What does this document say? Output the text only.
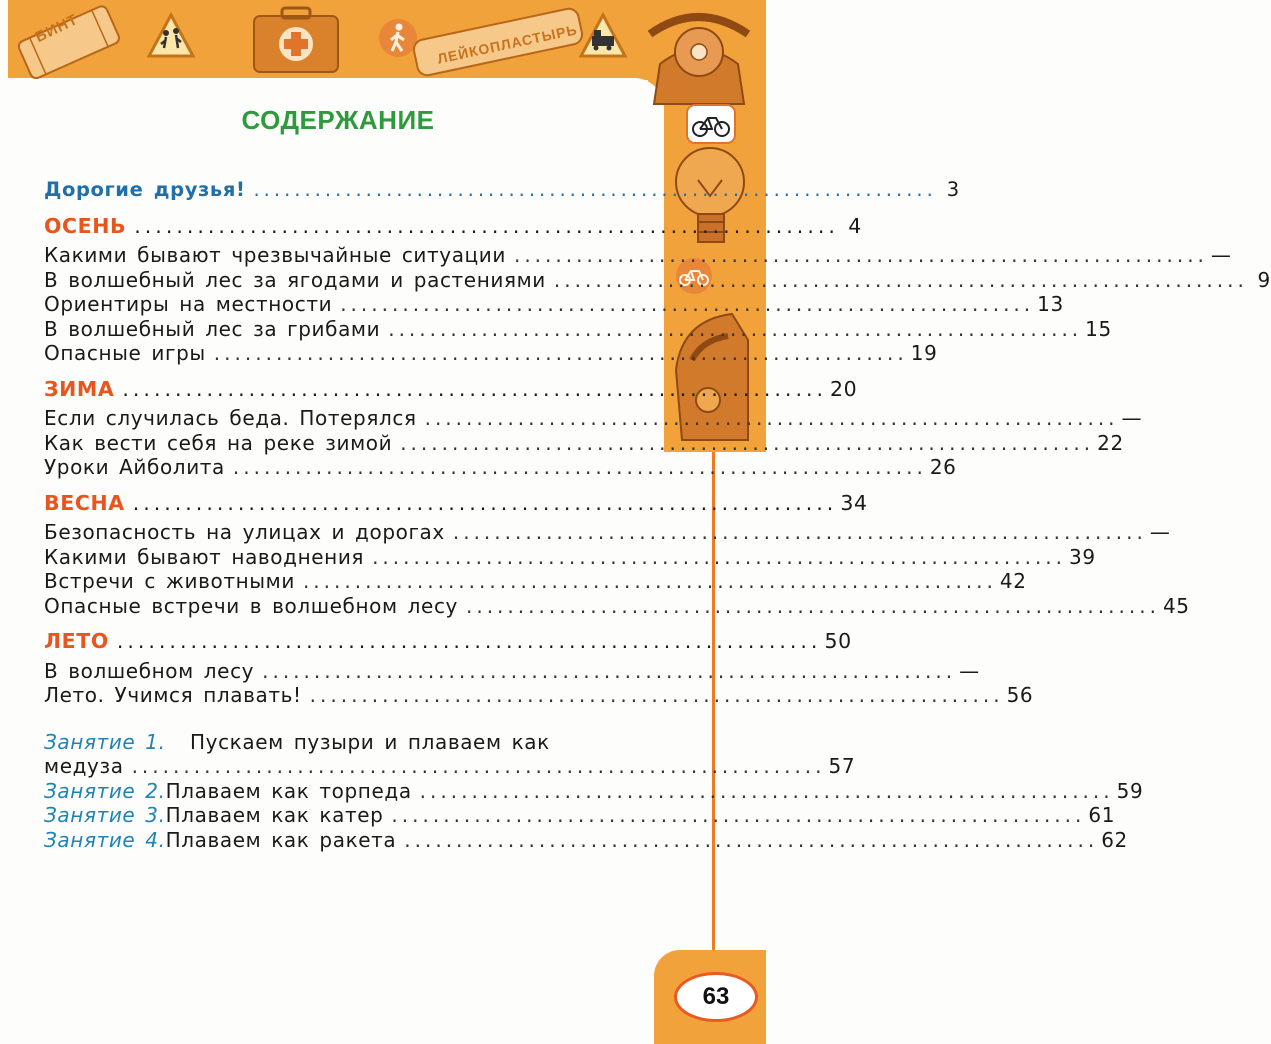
БИНТ	ЛЕЙКОПЛАСТЫРЬ
СОДЕРЖАНИЕ
Дорогие друзья! ................................................................... 3
ОСЕНЬ ................................................................... 4
Какими бывают чрезвычайные ситуации ................................................................... —
В волшебный лес за ягодами и растениями ................................................................... 9
Ориентиры на местности ................................................................... 13
В волшебный лес за грибами ................................................................... 15
Опасные игры ................................................................... 19
ЗИМА ................................................................... 20
Если случилась беда. Потерялся ................................................................... —
Как вести себя на реке зимой ................................................................... 22
Уроки Айболита ................................................................... 26
ВЕСНА ................................................................... 34
Безопасность на улицах и дорогах ................................................................... —
Какими бывают наводнения ................................................................... 39
Встречи с животными ................................................................... 42
Опасные встречи в волшебном лесу ................................................................... 45
ЛЕТО ................................................................... 50
В волшебном лесу ................................................................... —
Лето. Учимся плавать! ................................................................... 56
Занятие 1.	Пускаем пузыри и плаваем как
медуза ................................................................... 57
Занятие 2. Плаваем как торпеда ................................................................... 59
Занятие 3. Плаваем как катер ................................................................... 61
Занятие 4. Плаваем как ракета ................................................................... 62
63
